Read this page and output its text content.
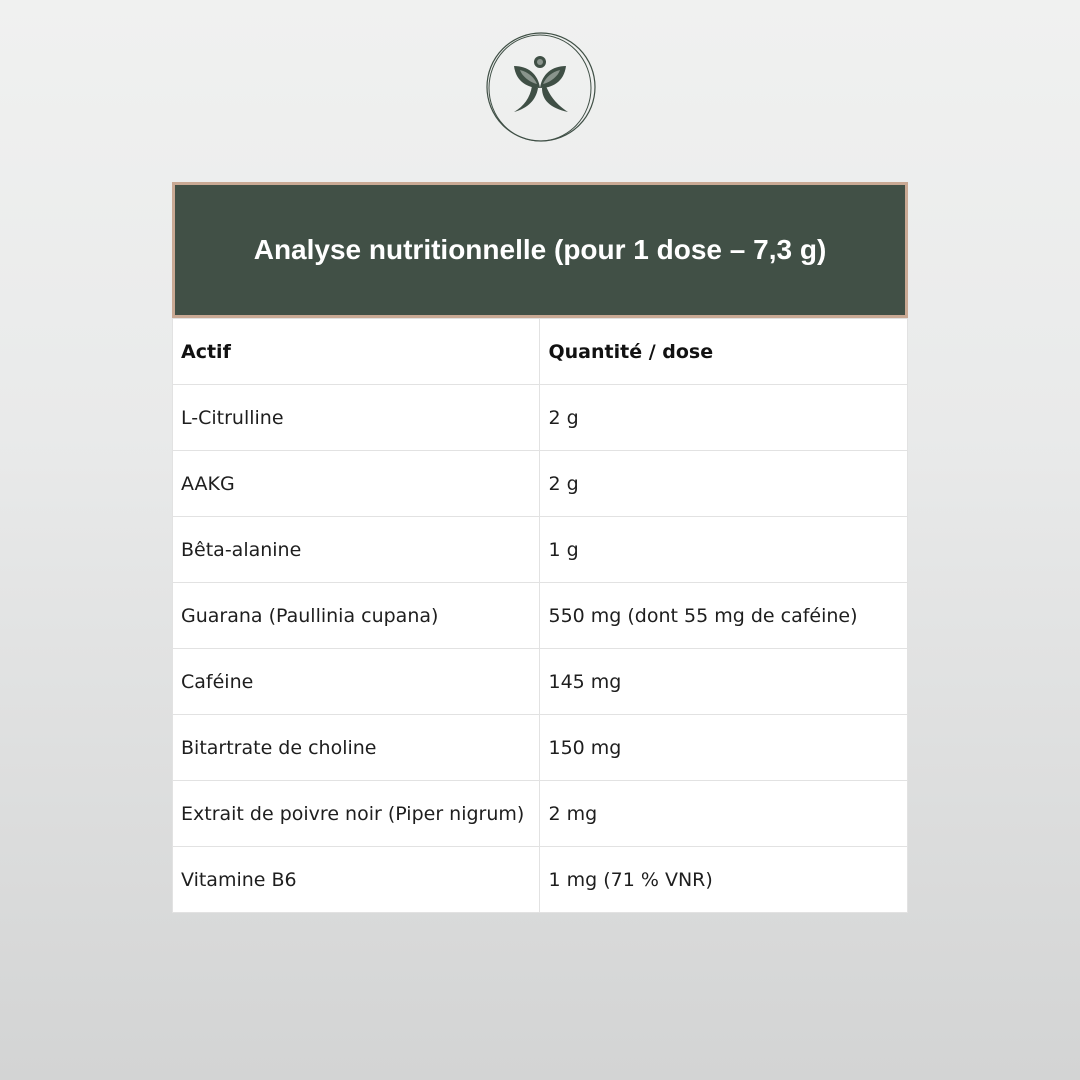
Analyse nutritionnelle (pour 1 dose – 7,3 g)
Actif	Quantité / dose
L-Citrulline	2 g
AAKG	2 g
Bêta-alanine	1 g
Guarana (Paullinia cupana)	550 mg (dont 55 mg de caféine)
Caféine	145 mg
Bitartrate de choline	150 mg
Extrait de poivre noir (Piper nigrum)	2 mg
Vitamine B6	1 mg (71 % VNR)
